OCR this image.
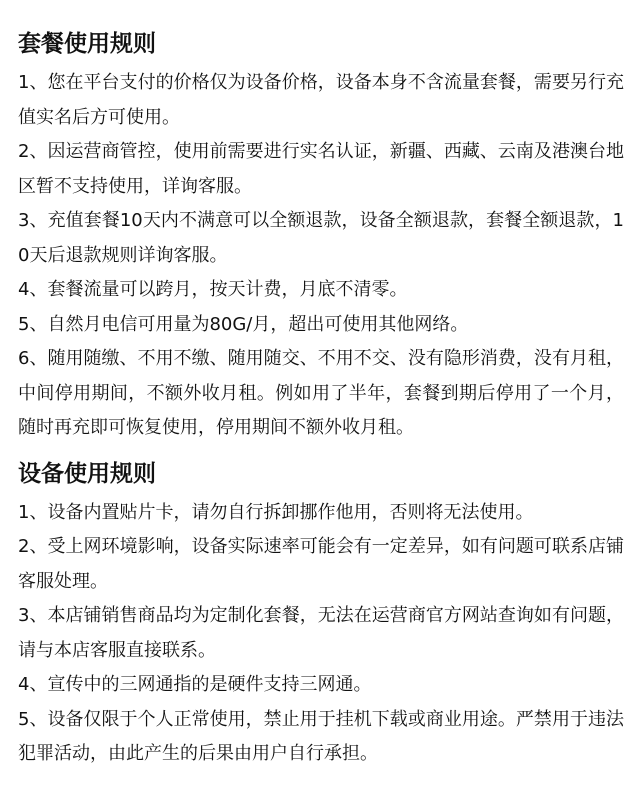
套餐使用规则

1、您在平台支付的价格仅为设备价格，设备本身不含流量套餐，需要另行充值实名后方可使用。

2、因运营商管控，使用前需要进行实名认证，新疆、西藏、云南及港澳台地区暂不支持使用，详询客服。

3、充值套餐10天内不满意可以全额退款，设备全额退款，套餐全额退款，10天后退款规则详询客服。

4、套餐流量可以跨月，按天计费，月底不清零。

5、自然月电信可用量为80G/月，超出可使用其他网络。

6、随用随缴、不用不缴、随用随交、不用不交、没有隐形消费，没有月租，中间停用期间，不额外收月租。例如用了半年，套餐到期后停用了一个月，随时再充即可恢复使用，停用期间不额外收月租。

设备使用规则

1、设备内置贴片卡，请勿自行拆卸挪作他用，否则将无法使用。

2、受上网环境影响，设备实际速率可能会有一定差异，如有问题可联系店铺客服处理。

3、本店铺销售商品均为定制化套餐，无法在运营商官方网站查询如有问题，请与本店客服直接联系。

4、宣传中的三网通指的是硬件支持三网通。

5、设备仅限于个人正常使用，禁止用于挂机下载或商业用途。严禁用于违法犯罪活动，由此产生的后果由用户自行承担。
